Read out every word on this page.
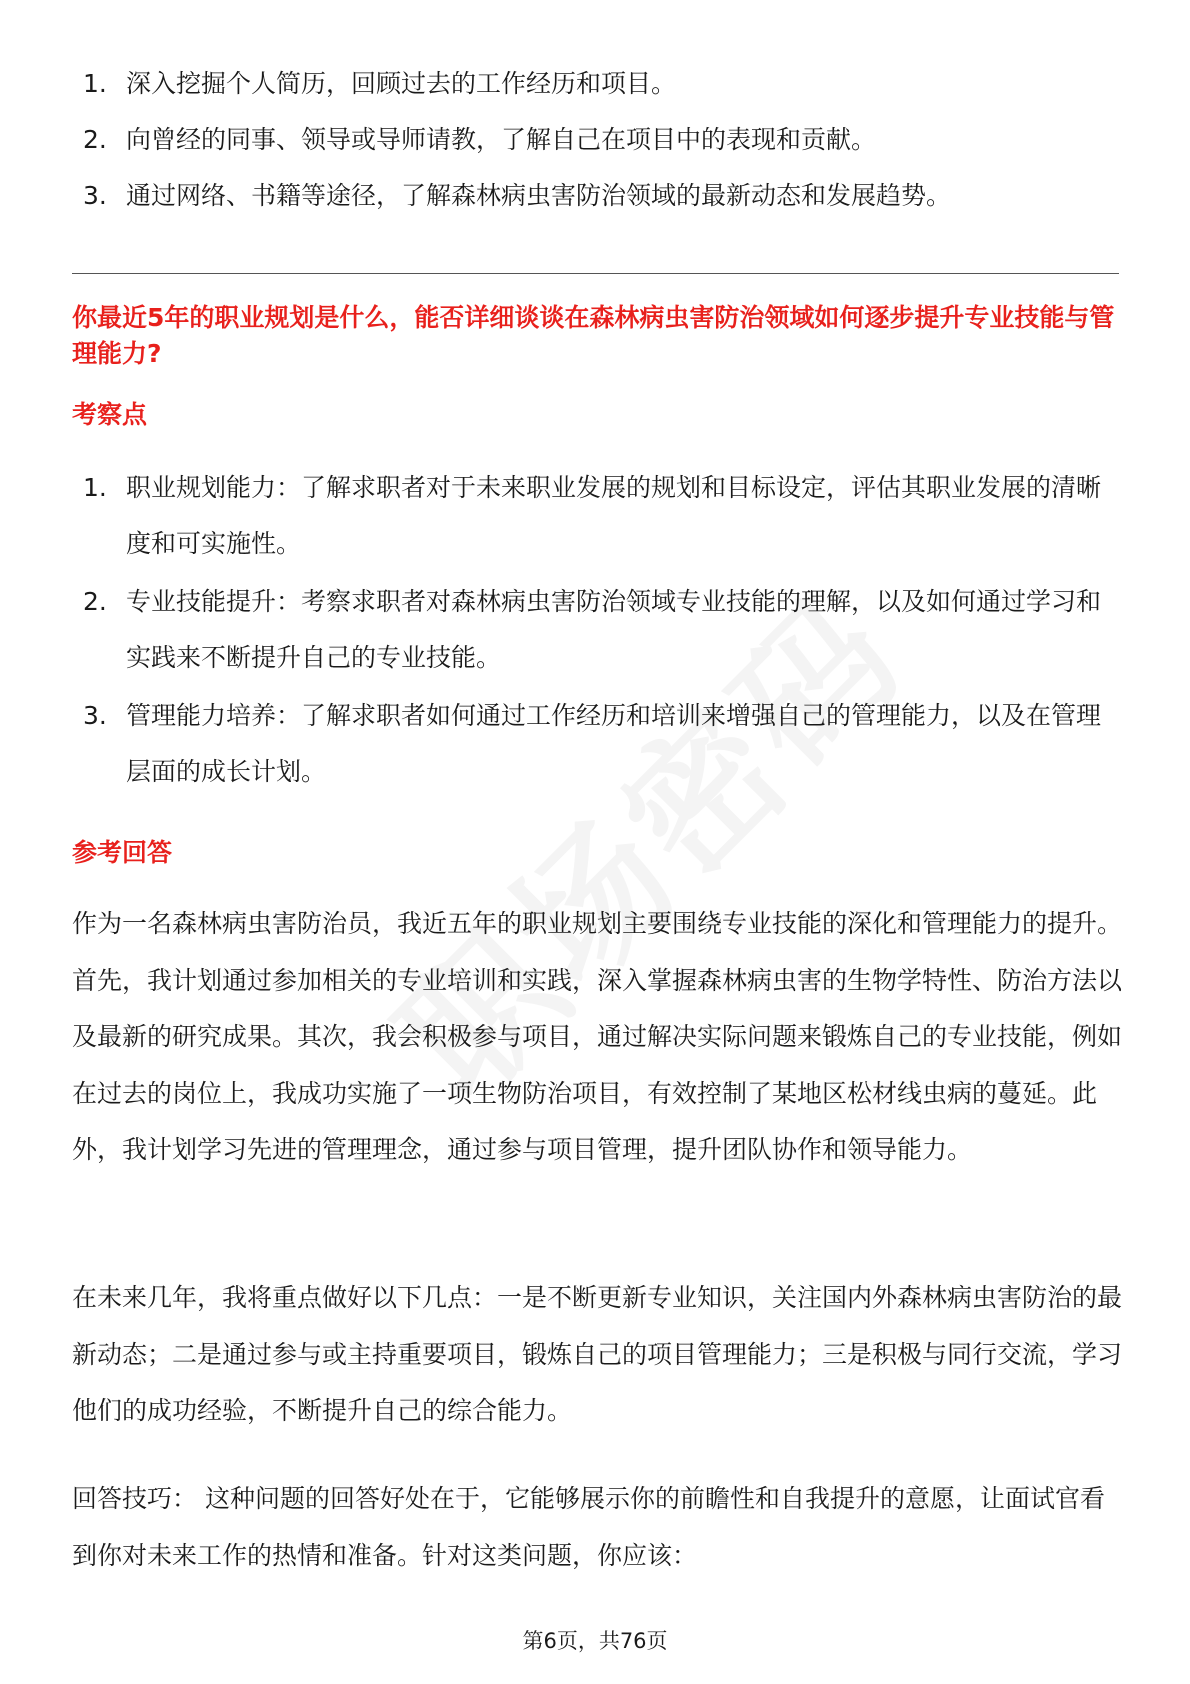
1. 深入挖掘个人简历，回顾过去的工作经历和项目。
2. 向曾经的同事、领导或导师请教，了解自己在项目中的表现和贡献。
3. 通过网络、书籍等途径，了解森林病虫害防治领域的最新动态和发展趋势。
你最近5年的职业规划是什么，能否详细谈谈在森林病虫害防治领域如何逐步提升专业技能与管理能力?
考察点
1. 职业规划能力：了解求职者对于未来职业发展的规划和目标设定，评估其职业发展的清晰度和可实施性。
2. 专业技能提升：考察求职者对森林病虫害防治领域专业技能的理解，以及如何通过学习和实践来不断提升自己的专业技能。
3. 管理能力培养：了解求职者如何通过工作经历和培训来增强自己的管理能力，以及在管理层面的成长计划。
参考回答

作为一名森林病虫害防治员，我近五年的职业规划主要围绕专业技能的深化和管理能力的提升。首先，我计划通过参加相关的专业培训和实践，深入掌握森林病虫害的生物学特性、防治方法以及最新的研究成果。其次，我会积极参与项目，通过解决实际问题来锻炼自己的专业技能，例如在过去的岗位上，我成功实施了一项生物防治项目，有效控制了某地区松材线虫病的蔓延。此外，我计划学习先进的管理理念，通过参与项目管理，提升团队协作和领导能力。

在未来几年，我将重点做好以下几点：一是不断更新专业知识，关注国内外森林病虫害防治的最新动态；二是通过参与或主持重要项目，锻炼自己的项目管理能力；三是积极与同行交流，学习他们的成功经验，不断提升自己的综合能力。

回答技巧： 这种问题的回答好处在于，它能够展示你的前瞻性和自我提升的意愿，让面试官看到你对未来工作的热情和准备。针对这类问题，你应该：

第6页，共76页
